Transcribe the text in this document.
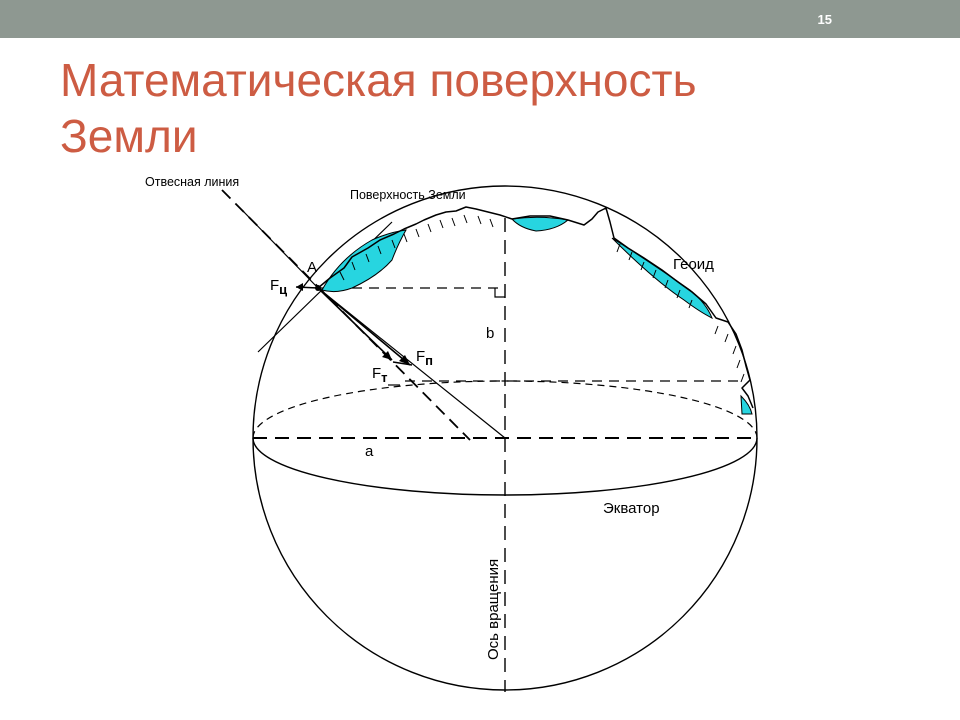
15
Математическая поверхность
Земли
Отвесная линия
Поверхность Земли
Геоид
А
Fц
Fп
Fт
b
a
Экватор
Ось вращения
